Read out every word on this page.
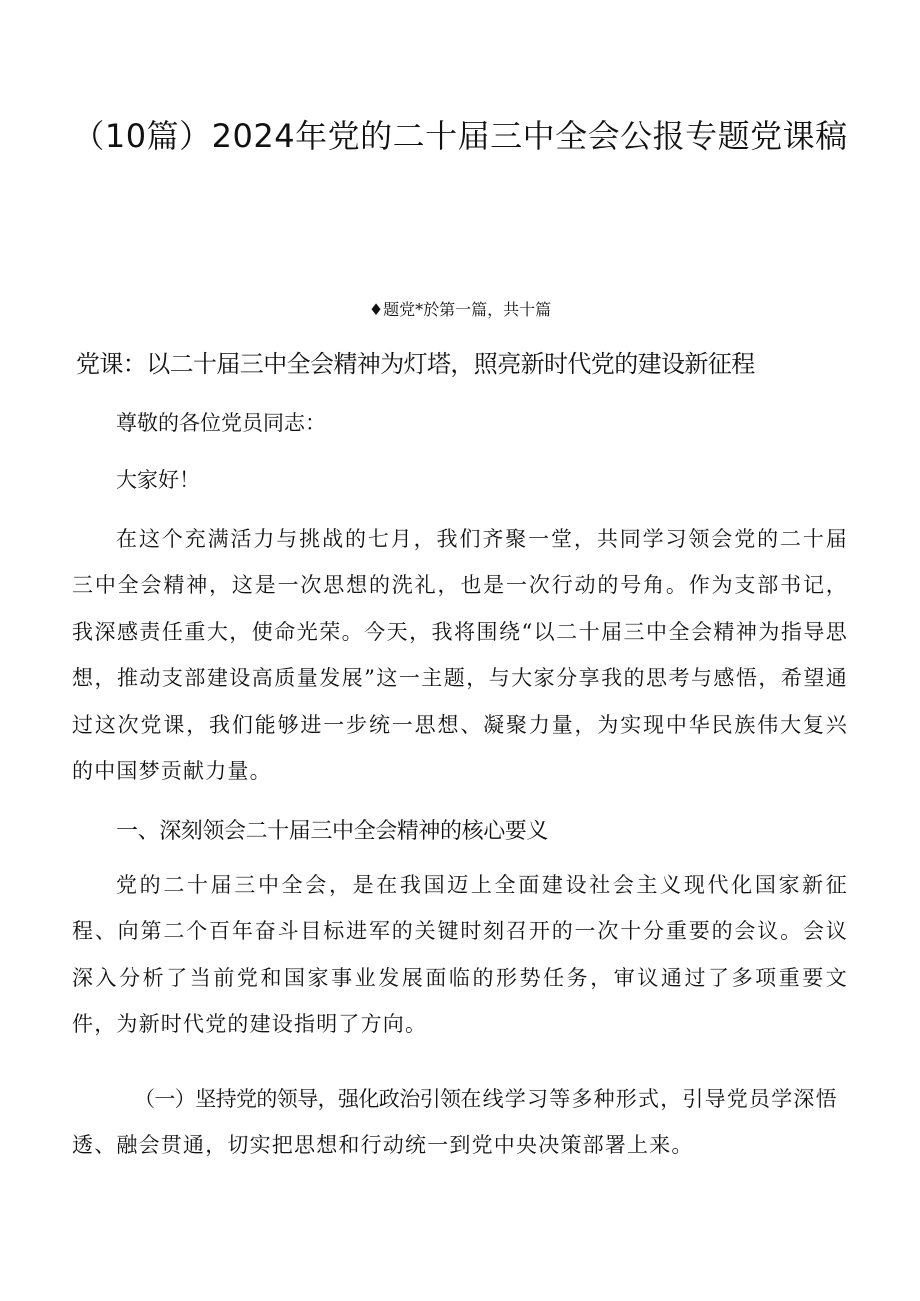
（10篇）2024年党的二十届三中全会公报专题党课稿
♦题党*於第一篇，共十篇
党课：以二十届三中全会精神为灯塔，照亮新时代党的建设新征程
尊敬的各位党员同志：
大家好！

在这个充满活力与挑战的七月，我们齐聚一堂，共同学习领会党的二十届三中全会精神，这是一次思想的洗礼，也是一次行动的号角。作为支部书记，我深感责任重大，使命光荣。今天，我将围绕“以二十届三中全会精神为指导思想，推动支部建设高质量发展”这一主题，与大家分享我的思考与感悟，希望通过这次党课，我们能够进一步统一思想、凝聚力量，为实现中华民族伟大复兴的中国梦贡献力量。

一、深刻领会二十届三中全会精神的核心要义

党的二十届三中全会，是在我国迈上全面建设社会主义现代化国家新征程、向第二个百年奋斗目标进军的关键时刻召开的一次十分重要的会议。会议深入分析了当前党和国家事业发展面临的形势任务，审议通过了多项重要文件，为新时代党的建设指明了方向。

（一）坚持党的领导，强化政治引领在线学习等多种形式，引导党员学深悟透、融会贯通，切实把思想和行动统一到党中央决策部署上来。
